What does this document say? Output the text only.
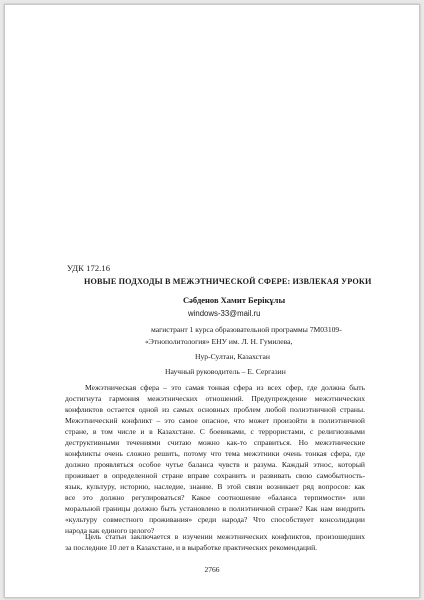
УДК 172.16
НОВЫЕ ПОДХОДЫ В МЕЖЭТНИЧЕСКОЙ СФЕРЕ: ИЗВЛЕКАЯ УРОКИ
Сәбденов Хамит Берікұлы
windows-33@mail.ru
магистрант 1 курса образовательной программы 7М03109-
«Этнополитология» ЕНУ им. Л. Н. Гумилева,
Нур-Султан, Казахстан
Научный руководитель – Е. Сергазин
Межэтническая сфера – это самая тонкая сфера из всех сфер, где должна быть
достигнута гармония межэтнических отношений. Предупреждение межэтнических
конфликтов остается одной из самых основных проблем любой полиэтничной страны.
Межэтнический конфликт – это самое опасное, что может произойти в полиэтничной
стране, в том числе и в Казахстане. С боевиками, с террористами, с религиозными
деструктивными течениями считаю можно как-то справиться. Но межэтнические
конфликты очень сложно решить, потому что тема межэтники очень тонкая сфера, где
должно проявляться особое чутье баланса чувств и разума. Каждый этнос, который
проживает в определенной стране вправе сохранить и развивать свою самобытность-
язык, культуру, историю, наследие, знание. В этой связи возникает ряд вопросов: как
все это должно регулироваться? Какое соотношение «баланса терпимости» или
моральной границы должно быть установлено в полиэтничной стране? Как нам внедрить
«культуру совместного проживания» среди народа? Что способствует консолидации
народа как единого целого?
Цель статьи заключается в изучении межэтнических конфликтов, произошедших
за последние 10 лет в Казахстане, и в выработке практических рекомендаций.
2766
